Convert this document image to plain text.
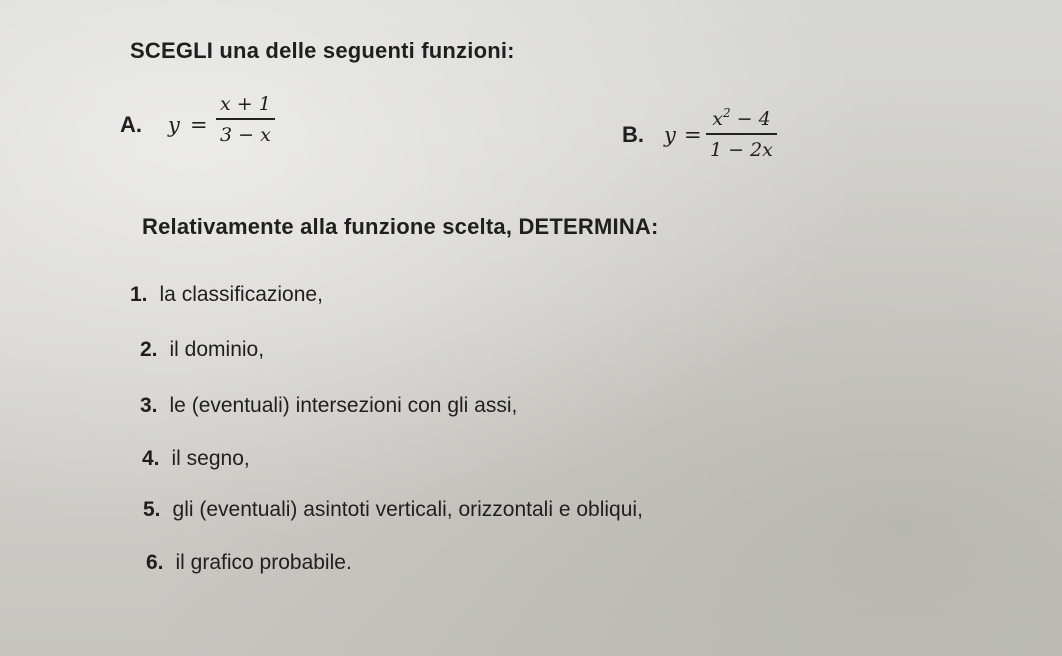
SCEGLI una delle seguenti funzioni:
A. y =
x + 1
3 − x	B. y =
$x^2 - 4$
1 − 2x
Relativamente alla funzione scelta, DETERMINA:
1. la classificazione,
2. il dominio,
3. le (eventuali) intersezioni con gli assi,
4. il segno,
5. gli (eventuali) asintoti verticali, orizzontali e obliqui,
6. il grafico probabile.
